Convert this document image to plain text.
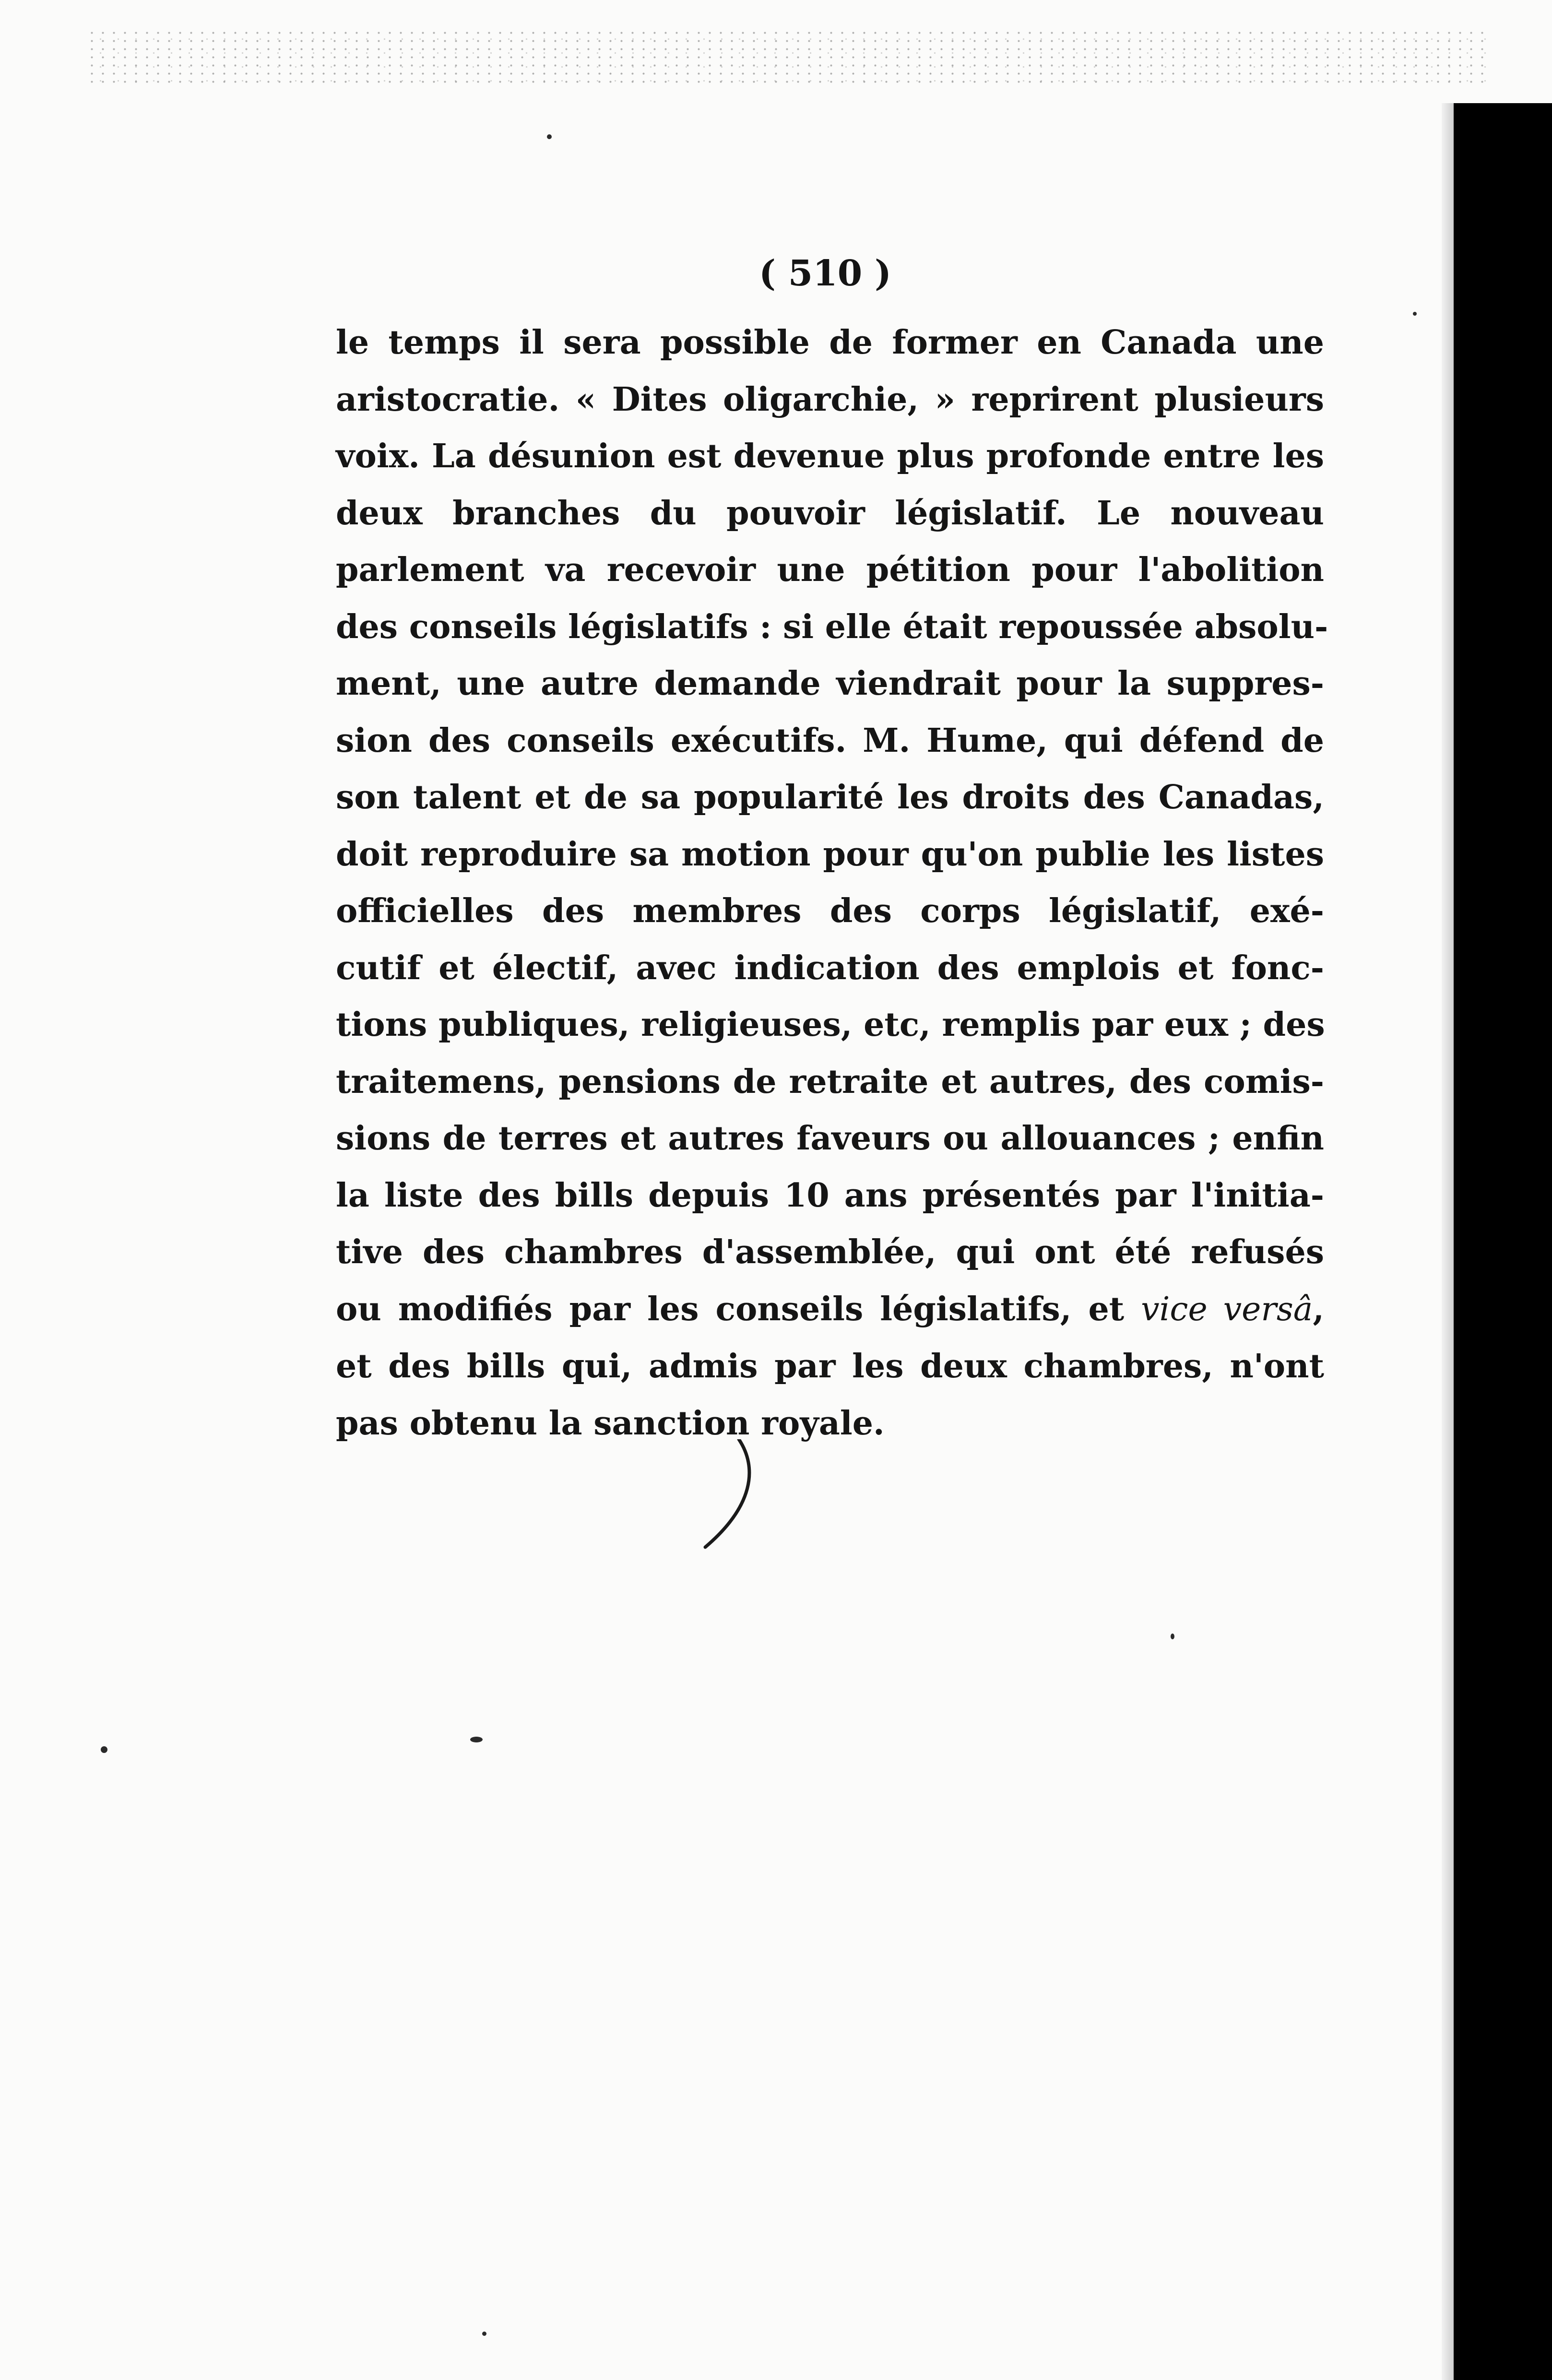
( 510 )

le temps il sera possible de former en Canada une
aristocratie. « Dites oligarchie, » reprirent plusieurs
voix. La désunion est devenue plus profonde entre les
deux branches du pouvoir législatif. Le nouveau
parlement va recevoir une pétition pour l'abolition
des conseils législatifs : si elle était repoussée absolu-
ment, une autre demande viendrait pour la suppres-
sion des conseils exécutifs. M. Hume, qui défend de
son talent et de sa popularité les droits des Canadas,
doit reproduire sa motion pour qu'on publie les listes
officielles des membres des corps législatif, exé-
cutif et électif, avec indication des emplois et fonc-
tions publiques, religieuses, etc, remplis par eux ; des
traitemens, pensions de retraite et autres, des comis-
sions de terres et autres faveurs ou allouances ; enfin
la liste des bills depuis 10 ans présentés par l'initia-
tive des chambres d'assemblée, qui ont été refusés
ou modifiés par les conseils législatifs, et vice versâ,
et des bills qui, admis par les deux chambres, n'ont
pas obtenu la sanction royale.
